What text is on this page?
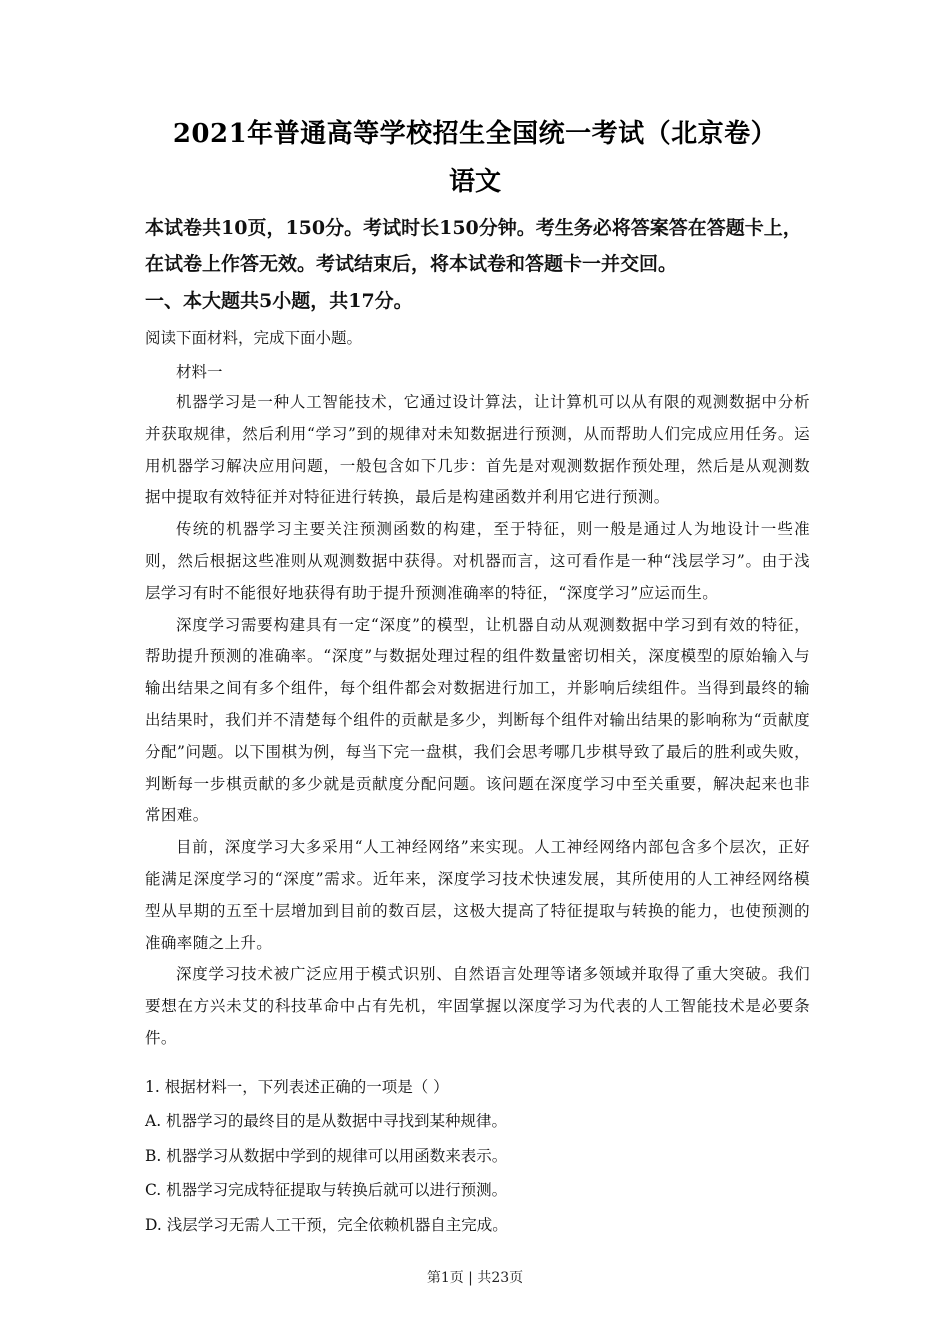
2021年普通高等学校招生全国统一考试（北京卷）
语文

本试卷共10页，150分。考试时长150分钟。考生务必将答案答在答题卡上，在试卷上作答无效。考试结束后，将本试卷和答题卡一并交回。

一、本大题共5小题，共17分。
阅读下面材料，完成下面小题。
材料一

机器学习是一种人工智能技术，它通过设计算法，让计算机可以从有限的观测数据中分析并获取规律，然后利用“学习”到的规律对未知数据进行预测，从而帮助人们完成应用任务。运用机器学习解决应用问题，一般包含如下几步：首先是对观测数据作预处理，然后是从观测数据中提取有效特征并对特征进行转换，最后是构建函数并利用它进行预测。

传统的机器学习主要关注预测函数的构建，至于特征，则一般是通过人为地设计一些准则，然后根据这些准则从观测数据中获得。对机器而言，这可看作是一种“浅层学习”。由于浅层学习有时不能很好地获得有助于提升预测准确率的特征，“深度学习”应运而生。

深度学习需要构建具有一定“深度”的模型，让机器自动从观测数据中学习到有效的特征，帮助提升预测的准确率。“深度”与数据处理过程的组件数量密切相关，深度模型的原始输入与输出结果之间有多个组件，每个组件都会对数据进行加工，并影响后续组件。当得到最终的输出结果时，我们并不清楚每个组件的贡献是多少，判断每个组件对输出结果的影响称为“贡献度分配”问题。以下围棋为例，每当下完一盘棋，我们会思考哪几步棋导致了最后的胜利或失败，判断每一步棋贡献的多少就是贡献度分配问题。该问题在深度学习中至关重要，解决起来也非常困难。

目前，深度学习大多采用“人工神经网络”来实现。人工神经网络内部包含多个层次，正好能满足深度学习的“深度”需求。近年来，深度学习技术快速发展，其所使用的人工神经网络模型从早期的五至十层增加到目前的数百层，这极大提高了特征提取与转换的能力，也使预测的准确率随之上升。

深度学习技术被广泛应用于模式识别、自然语言处理等诸多领域并取得了重大突破。我们要想在方兴未艾的科技革命中占有先机，牢固掌握以深度学习为代表的人工智能技术是必要条件。

1. 根据材料一，下列表述正确的一项是（ ）
A. 机器学习的最终目的是从数据中寻找到某种规律。
B. 机器学习从数据中学到的规律可以用函数来表示。
C. 机器学习完成特征提取与转换后就可以进行预测。
D. 浅层学习无需人工干预，完全依赖机器自主完成。
第1页 | 共23页
